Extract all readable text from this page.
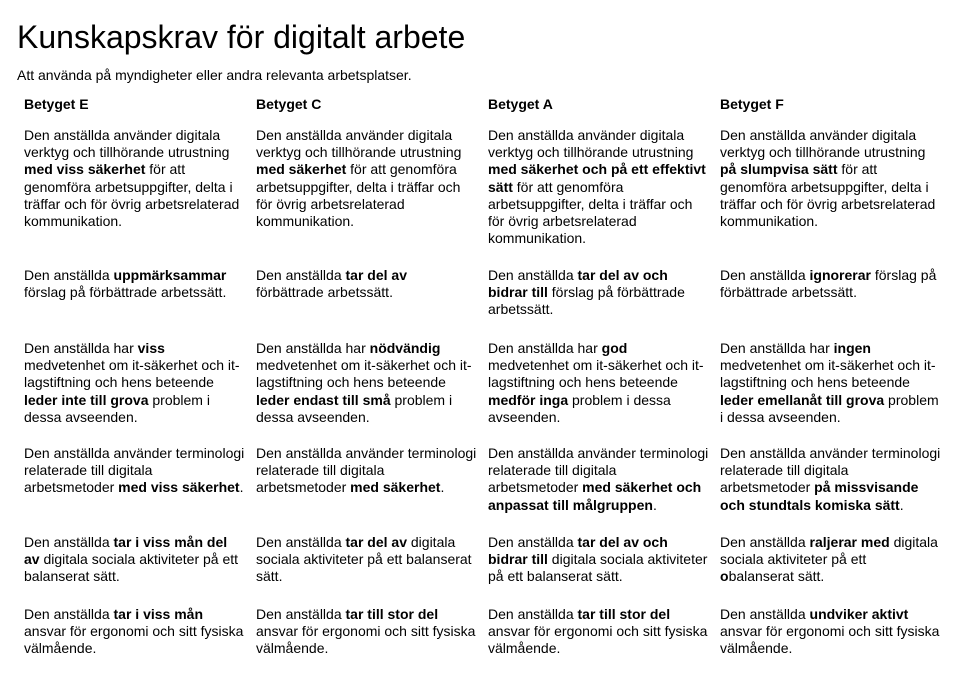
Kunskapskrav för digitalt arbete

Att använda på myndigheter eller andra relevanta arbetsplatser.

Betyget E

Den anställda använder digitala verktyg och tillhörande utrustning med viss säkerhet för att genomföra arbetsuppgifter, delta i träffar och för övrig arbetsrelaterad kommunikation.

Den anställda uppmärksammar förslag på förbättrade arbetssätt.

Den anställda har viss medvetenhet om it-säkerhet och it-lagstiftning och hens beteende leder inte till grova problem i dessa avseenden.

Den anställda använder terminologi relaterade till digitala arbetsmetoder med viss säkerhet.

Den anställda tar i viss mån del av digitala sociala aktiviteter på ett balanserat sätt.

Den anställda tar i viss mån ansvar för ergonomi och sitt fysiska välmående.

Betyget C

Den anställda använder digitala verktyg och tillhörande utrustning med säkerhet för att genomföra arbetsuppgifter, delta i träffar och för övrig arbetsrelaterad kommunikation.

Den anställda tar del av förbättrade arbetssätt.

Den anställda har nödvändig medvetenhet om it-säkerhet och it-lagstiftning och hens beteende leder endast till små problem i dessa avseenden.

Den anställda använder terminologi relaterade till digitala arbetsmetoder med säkerhet.

Den anställda tar del av digitala sociala aktiviteter på ett balanserat sätt.

Den anställda tar till stor del ansvar för ergonomi och sitt fysiska välmående.

Betyget A

Den anställda använder digitala verktyg och tillhörande utrustning med säkerhet och på ett effektivt sätt för att genomföra arbetsuppgifter, delta i träffar och för övrig arbetsrelaterad kommunikation.

Den anställda tar del av och bidrar till förslag på förbättrade arbetssätt.

Den anställda har god medvetenhet om it-säkerhet och it-lagstiftning och hens beteende medför inga problem i dessa avseenden.

Den anställda använder terminologi relaterade till digitala arbetsmetoder med säkerhet och anpassat till målgruppen.

Den anställda tar del av och bidrar till digitala sociala aktiviteter på ett balanserat sätt.

Den anställda tar till stor del ansvar för ergonomi och sitt fysiska välmående.

Betyget F

Den anställda använder digitala verktyg och tillhörande utrustning på slumpvisa sätt för att genomföra arbetsuppgifter, delta i träffar och för övrig arbetsrelaterad kommunikation.

Den anställda ignorerar förslag på förbättrade arbetssätt.

Den anställda har ingen medvetenhet om it-säkerhet och it-lagstiftning och hens beteende leder emellanåt till grova problem i dessa avseenden.

Den anställda använder terminologi relaterade till digitala arbetsmetoder på missvisande och stundtals komiska sätt.

Den anställda raljerar med digitala sociala aktiviteter på ett obalanserat sätt.

Den anställda undviker aktivt ansvar för ergonomi och sitt fysiska välmående.
